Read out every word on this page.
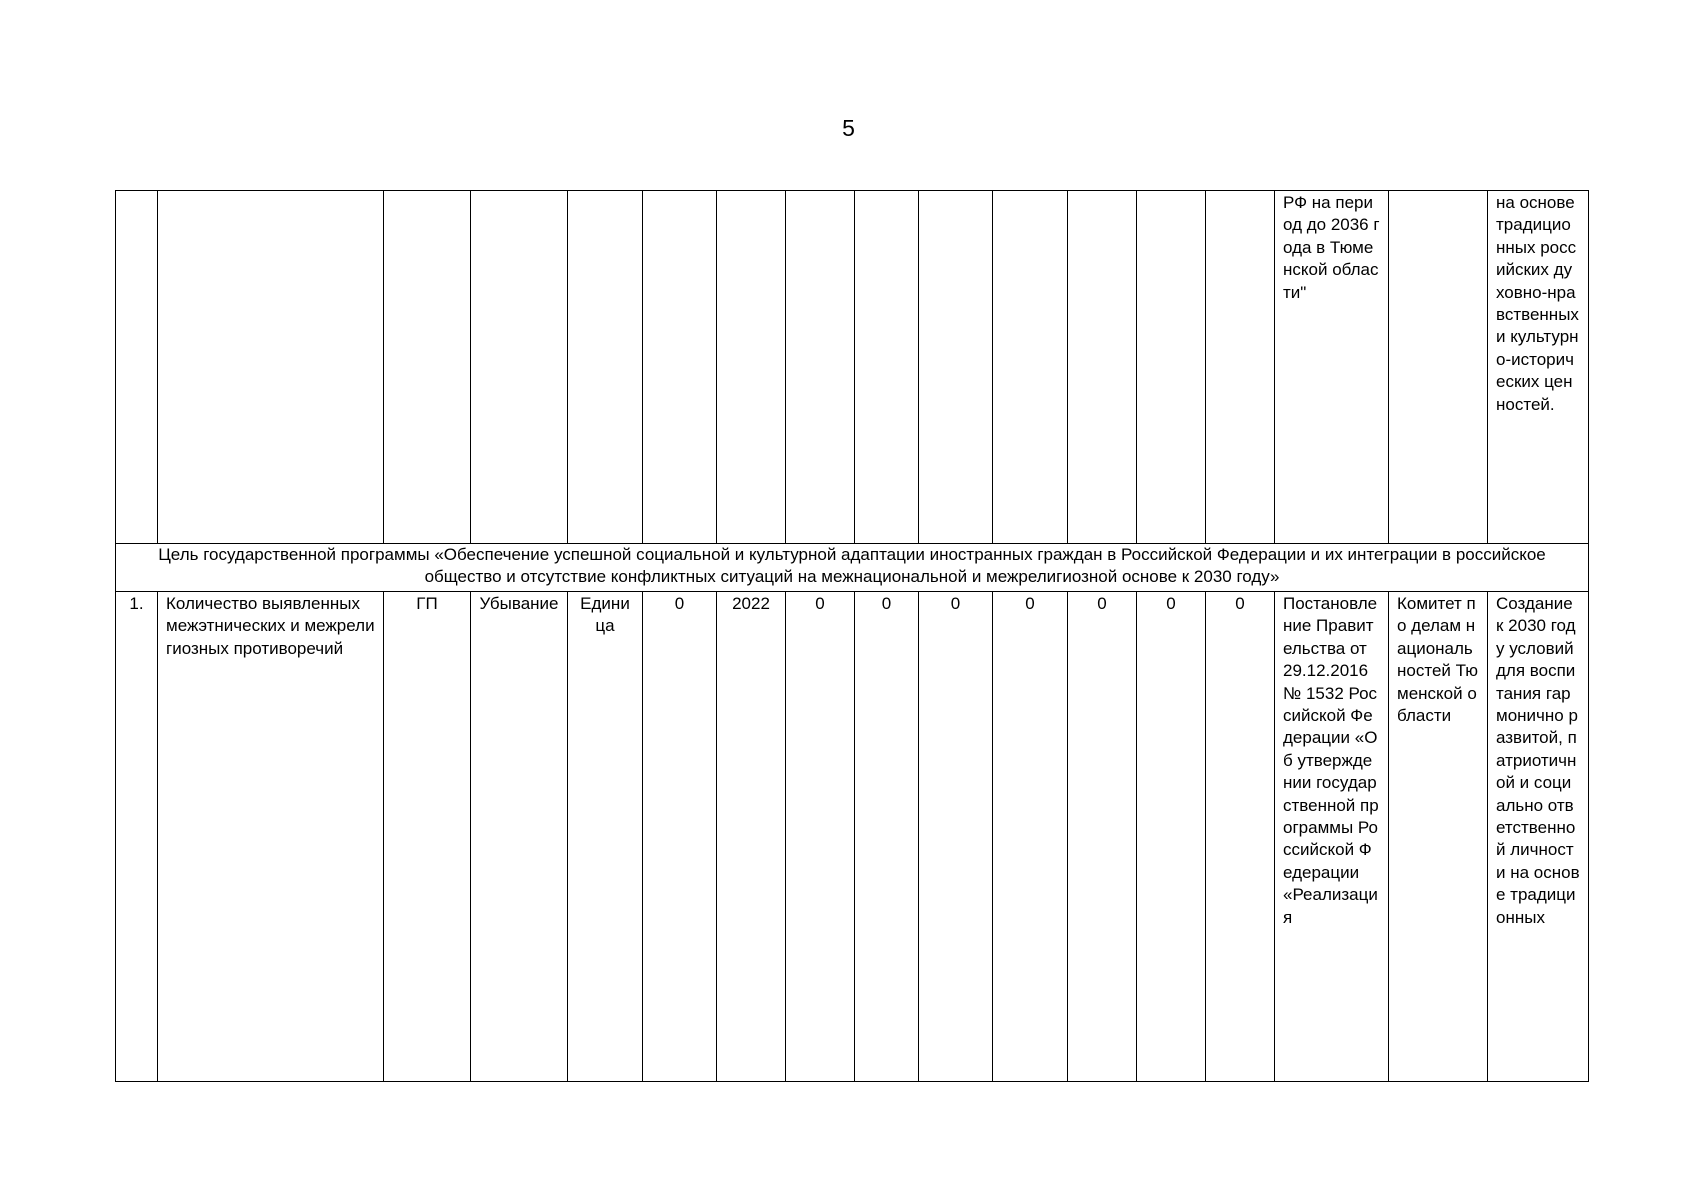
5
														РФ на период до 2036 года в Тюменской области"		на основе традиционных российских духовно-нравственных и культурно-исторических ценностей.
Цель государственной программы «Обеспечение успешной социальной и культурной адаптации иностранных граждан в Российской Федерации и их интеграции в российское общество и отсутствие конфликтных ситуаций на межнациональной и межрелигиозной основе к 2030 году»																
1.	Количество выявленных межэтнических и межрелигиозных противоречий	ГП	Убывание	Единица	0	2022	0	0	0	0	0	0	0	Постановление Правительства от 29.12.2016 № 1532 Российской Федерации «Об утверждении государственной программы Российской Федерации «Реализация	Комитет по делам национальностей Тюменской области	Создание к 2030 году условий для воспитания гармонично развитой, патриотичной и социально ответственной личности на основе традиционных
